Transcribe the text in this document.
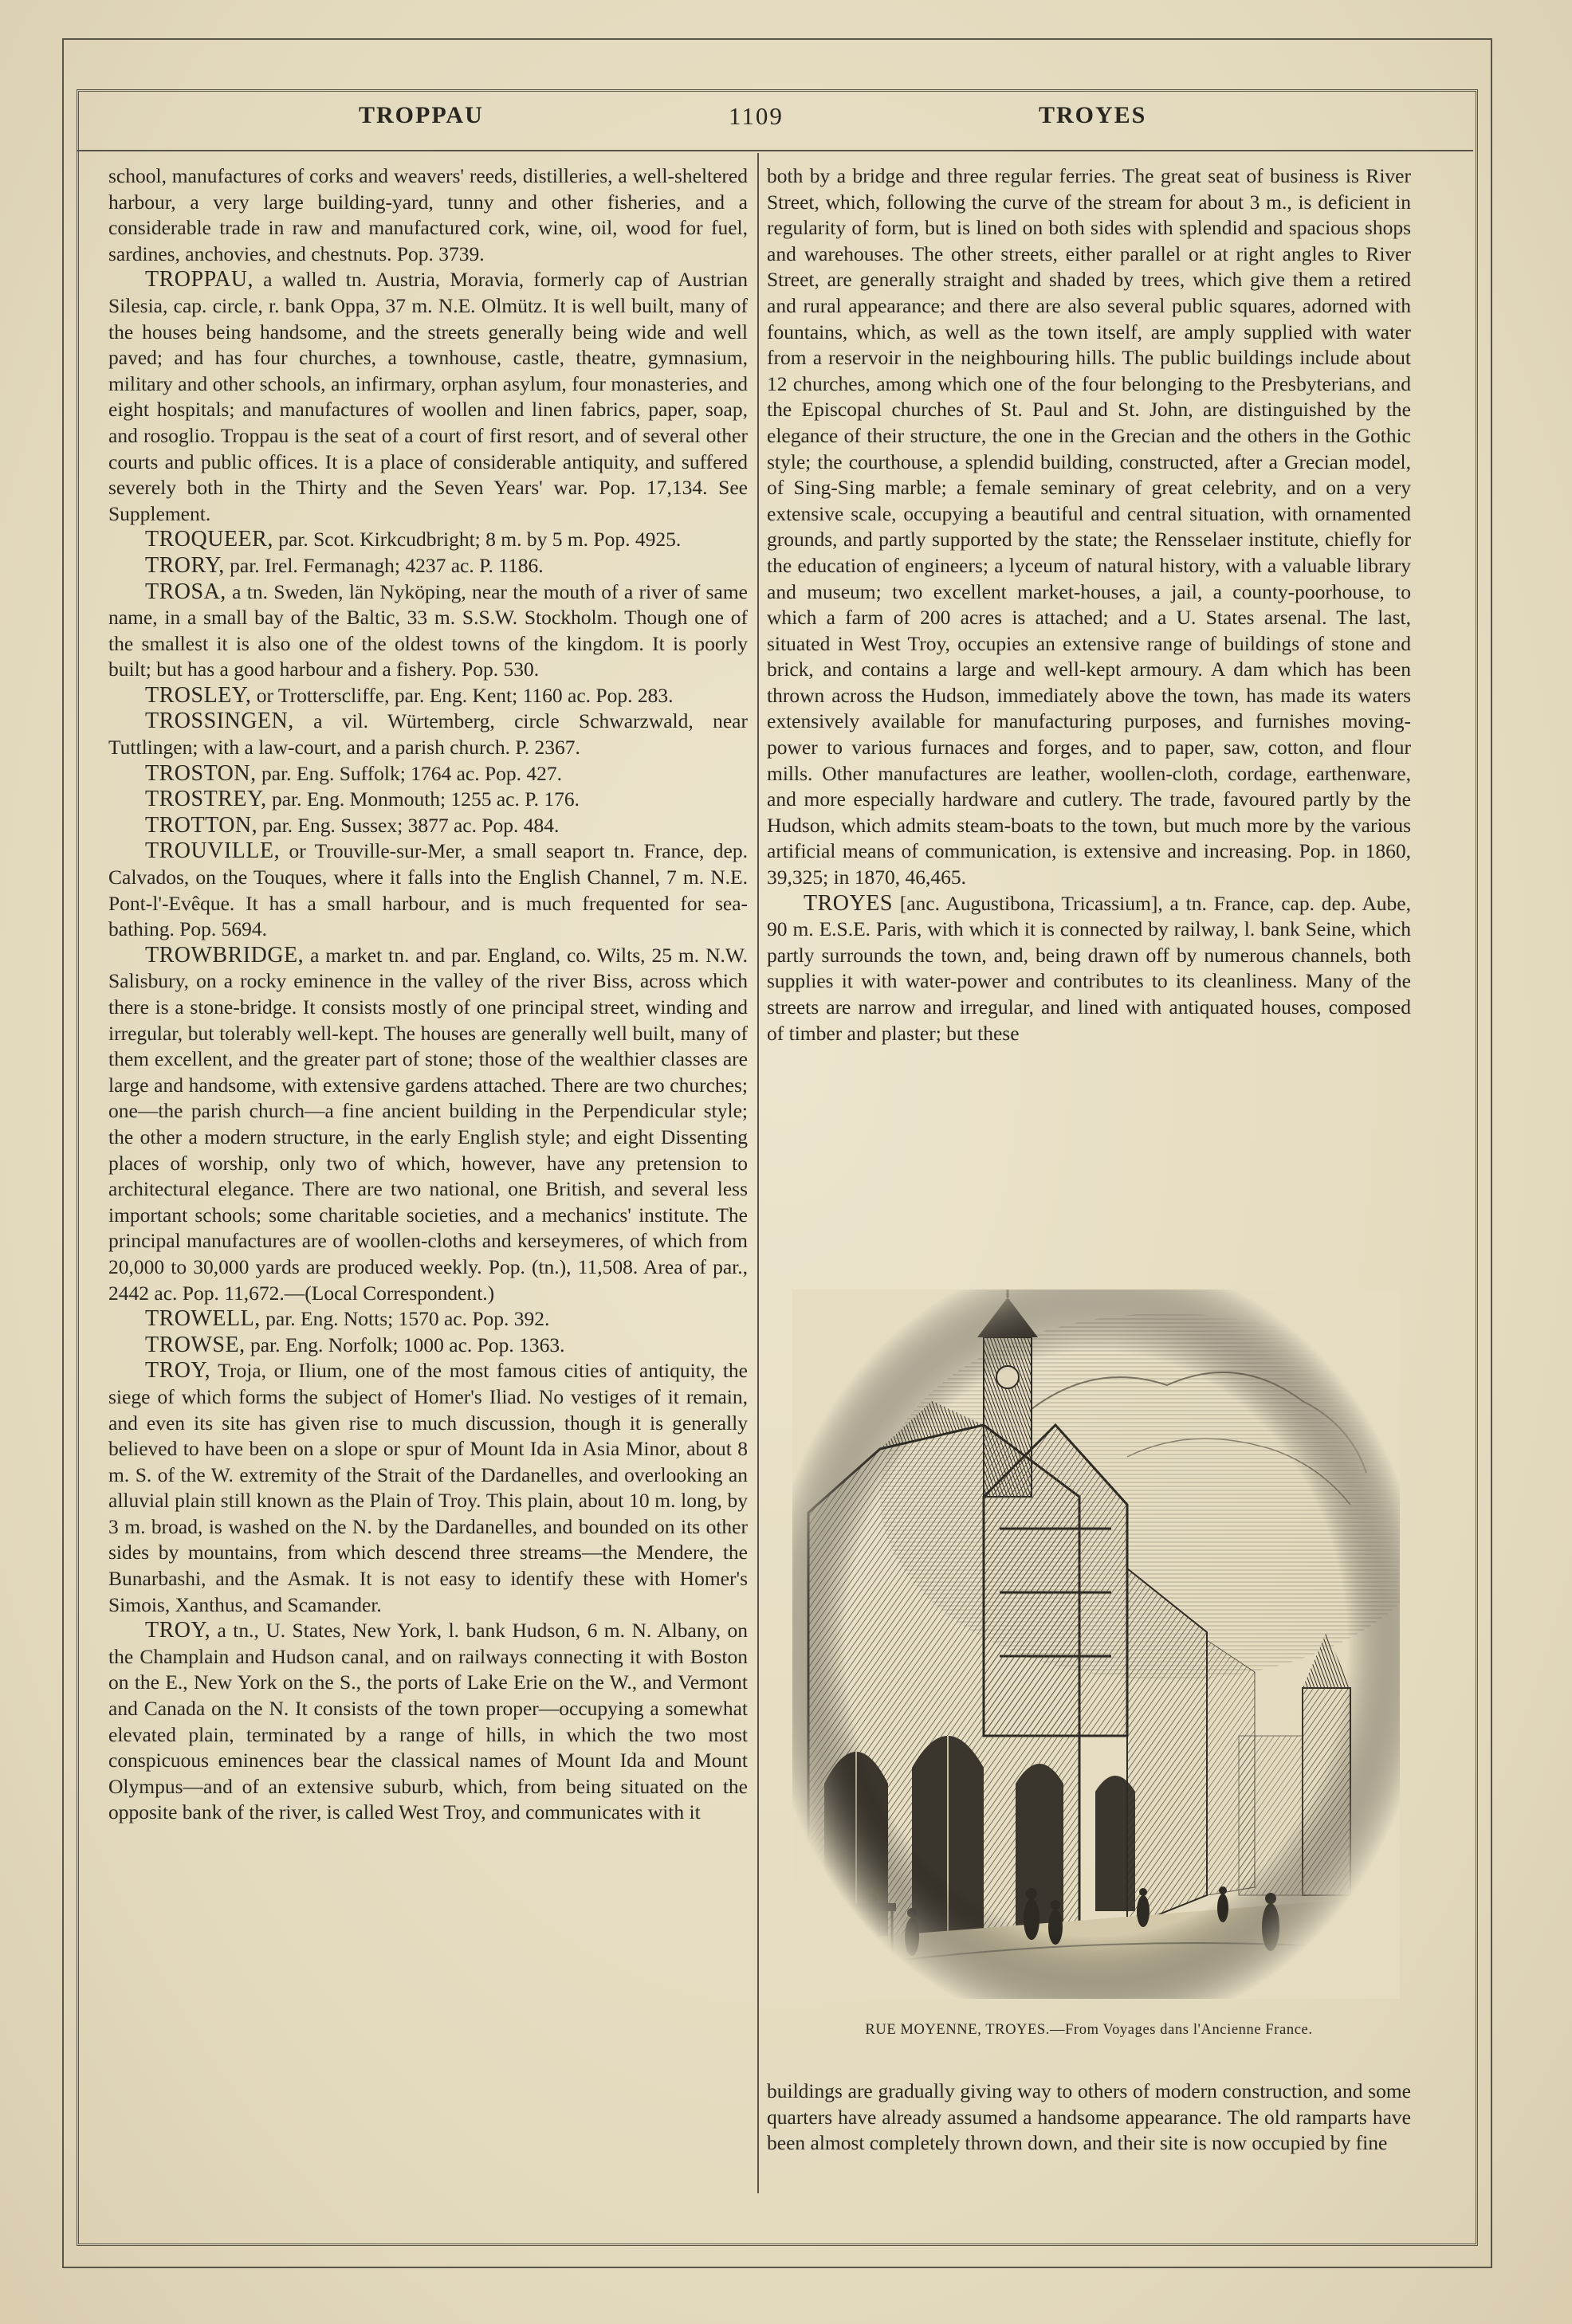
TROPPAU	1109	TROYES

school, manufactures of corks and weavers' reeds, distilleries, a well-sheltered harbour, a very large building-yard, tunny and other fisheries, and a considerable trade in raw and manufactured cork, wine, oil, wood for fuel, sardines, anchovies, and chestnuts. Pop. 3739.

TROPPAU, a walled tn. Austria, Moravia, formerly cap of Austrian Silesia, cap. circle, r. bank Oppa, 37 m. N.E. Olmütz. It is well built, many of the houses being handsome, and the streets generally being wide and well paved; and has four churches, a townhouse, castle, theatre, gymnasium, military and other schools, an infirmary, orphan asylum, four monasteries, and eight hospitals; and manufactures of woollen and linen fabrics, paper, soap, and rosoglio. Troppau is the seat of a court of first resort, and of several other courts and public offices. It is a place of considerable antiquity, and suffered severely both in the Thirty and the Seven Years' war. Pop. 17,134. See Supplement.

TROQUEER, par. Scot. Kirkcudbright; 8 m. by 5 m. Pop. 4925.

TRORY, par. Irel. Fermanagh; 4237 ac. P. 1186.

TROSA, a tn. Sweden, län Nyköping, near the mouth of a river of same name, in a small bay of the Baltic, 33 m. S.S.W. Stockholm. Though one of the smallest it is also one of the oldest towns of the kingdom. It is poorly built; but has a good harbour and a fishery. Pop. 530.

TROSLEY, or Trotterscliffe, par. Eng. Kent; 1160 ac. Pop. 283.

TROSSINGEN, a vil. Würtemberg, circle Schwarzwald, near Tuttlingen; with a law-court, and a parish church. P. 2367.

TROSTON, par. Eng. Suffolk; 1764 ac. Pop. 427.

TROSTREY, par. Eng. Monmouth; 1255 ac. P. 176.

TROTTON, par. Eng. Sussex; 3877 ac. Pop. 484.

TROUVILLE, or Trouville-sur-Mer, a small seaport tn. France, dep. Calvados, on the Touques, where it falls into the English Channel, 7 m. N.E. Pont-l'-Evêque. It has a small harbour, and is much frequented for sea-bathing. Pop. 5694.

TROWBRIDGE, a market tn. and par. England, co. Wilts, 25 m. N.W. Salisbury, on a rocky eminence in the valley of the river Biss, across which there is a stone-bridge. It consists mostly of one principal street, winding and irregular, but tolerably well-kept. The houses are generally well built, many of them excellent, and the greater part of stone; those of the wealthier classes are large and handsome, with extensive gardens attached. There are two churches; one—the parish church—a fine ancient building in the Perpendicular style; the other a modern structure, in the early English style; and eight Dissenting places of worship, only two of which, however, have any pretension to architectural elegance. There are two national, one British, and several less important schools; some charitable societies, and a mechanics' institute. The principal manufactures are of woollen-cloths and kerseymeres, of which from 20,000 to 30,000 yards are produced weekly. Pop. (tn.), 11,508. Area of par., 2442 ac. Pop. 11,672.—(Local Correspondent.)

TROWELL, par. Eng. Notts; 1570 ac. Pop. 392.

TROWSE, par. Eng. Norfolk; 1000 ac. Pop. 1363.

TROY, Troja, or Ilium, one of the most famous cities of antiquity, the siege of which forms the subject of Homer's Iliad. No vestiges of it remain, and even its site has given rise to much discussion, though it is generally believed to have been on a slope or spur of Mount Ida in Asia Minor, about 8 m. S. of the W. extremity of the Strait of the Dardanelles, and overlooking an alluvial plain still known as the Plain of Troy. This plain, about 10 m. long, by 3 m. broad, is washed on the N. by the Dardanelles, and bounded on its other sides by mountains, from which descend three streams—the Mendere, the Bunarbashi, and the Asmak. It is not easy to identify these with Homer's Simois, Xanthus, and Scamander.

TROY, a tn., U. States, New York, l. bank Hudson, 6 m. N. Albany, on the Champlain and Hudson canal, and on railways connecting it with Boston on the E., New York on the S., the ports of Lake Erie on the W., and Vermont and Canada on the N. It consists of the town proper—occupying a somewhat elevated plain, terminated by a range of hills, in which the two most conspicuous eminences bear the classical names of Mount Ida and Mount Olympus—and of an extensive suburb, which, from being situated on the opposite bank of the river, is called West Troy, and communicates with it

both by a bridge and three regular ferries. The great seat of business is River Street, which, following the curve of the stream for about 3 m., is deficient in regularity of form, but is lined on both sides with splendid and spacious shops and warehouses. The other streets, either parallel or at right angles to River Street, are generally straight and shaded by trees, which give them a retired and rural appearance; and there are also several public squares, adorned with fountains, which, as well as the town itself, are amply supplied with water from a reservoir in the neighbouring hills. The public buildings include about 12 churches, among which one of the four belonging to the Presbyterians, and the Episcopal churches of St. Paul and St. John, are distinguished by the elegance of their structure, the one in the Grecian and the others in the Gothic style; the courthouse, a splendid building, constructed, after a Grecian model, of Sing-Sing marble; a female seminary of great celebrity, and on a very extensive scale, occupying a beautiful and central situation, with ornamented grounds, and partly supported by the state; the Rensselaer institute, chiefly for the education of engineers; a lyceum of natural history, with a valuable library and museum; two excellent market-houses, a jail, a county-poorhouse, to which a farm of 200 acres is attached; and a U. States arsenal. The last, situated in West Troy, occupies an extensive range of buildings of stone and brick, and contains a large and well-kept armoury. A dam which has been thrown across the Hudson, immediately above the town, has made its waters extensively available for manufacturing purposes, and furnishes moving-power to various furnaces and forges, and to paper, saw, cotton, and flour mills. Other manufactures are leather, woollen-cloth, cordage, earthenware, and more especially hardware and cutlery. The trade, favoured partly by the Hudson, which admits steam-boats to the town, but much more by the various artificial means of communication, is extensive and increasing. Pop. in 1860, 39,325; in 1870, 46,465.

TROYES [anc. Augustibona, Tricassium], a tn. France, cap. dep. Aube, 90 m. E.S.E. Paris, with which it is connected by railway, l. bank Seine, which partly surrounds the town, and, being drawn off by numerous channels, both supplies it with water-power and contributes to its cleanliness. Many of the streets are narrow and irregular, and lined with antiquated houses, composed of timber and plaster; but these

RUE MOYENNE, TROYES.—From Voyages dans l'Ancienne France.

buildings are gradually giving way to others of modern construction, and some quarters have already assumed a handsome appearance. The old ramparts have been almost completely thrown down, and their site is now occupied by fine
